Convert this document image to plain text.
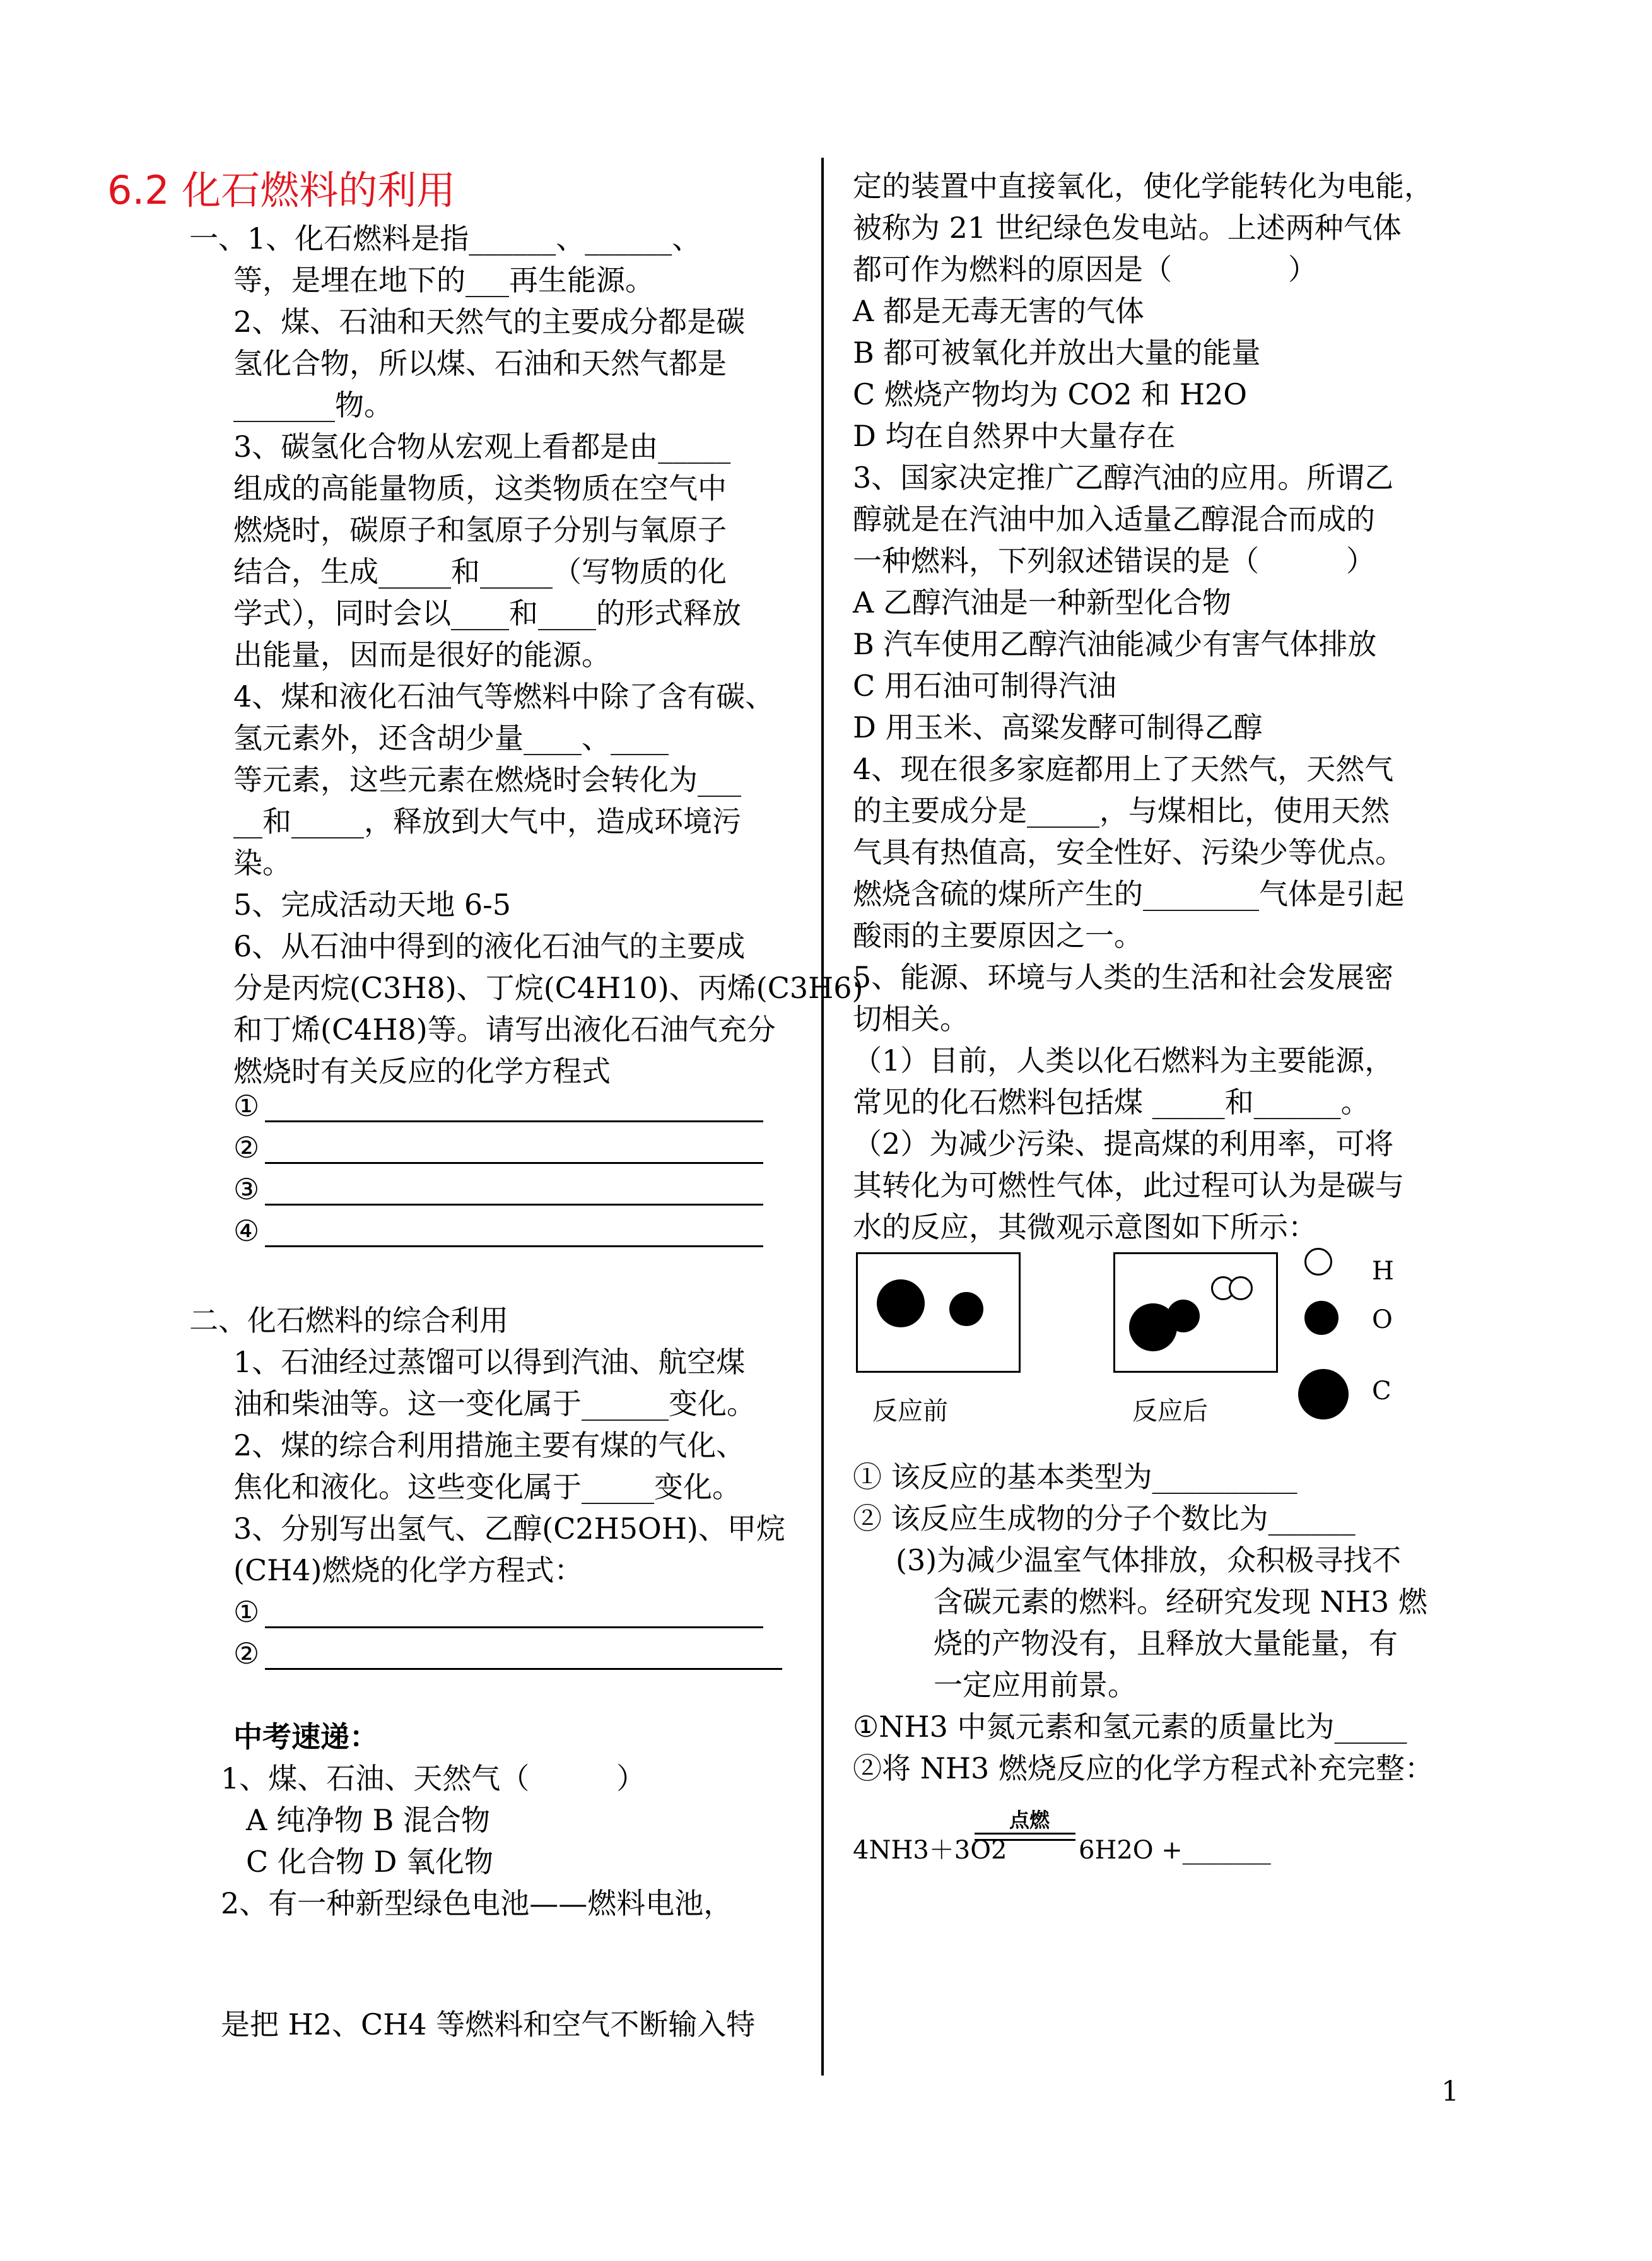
6.2 化石燃料的利用
反应前	反应后
H
O
C
4NH3＋3O2
点燃
6H2O +_______
1
一、1、化石燃料是指______、______、
等，是埋在地下的___再生能源。
2、煤、石油和天然气的主要成分都是碳
氢化合物，所以煤、石油和天然气都是
_______物。
3、碳氢化合物从宏观上看都是由_____
组成的高能量物质，这类物质在空气中
燃烧时，碳原子和氢原子分别与氧原子
结合，生成_____和_____（写物质的化
学式），同时会以____和____的形式释放
出能量，因而是很好的能源。
4、煤和液化石油气等燃料中除了含有碳、
氢元素外，还含胡少量____、____
等元素，这些元素在燃烧时会转化为___
__和_____，释放到大气中，造成环境污
染。
5、完成活动天地 6-5
6、从石油中得到的液化石油气的主要成
分是丙烷(C3H8)、丁烷(C4H10)、丙烯(C3H6)
和丁烯(C4H8)等。请写出液化石油气充分
燃烧时有关反应的化学方程式
①
②
③
④
二、化石燃料的综合利用
1、石油经过蒸馏可以得到汽油、航空煤
油和柴油等。这一变化属于______变化。
2、煤的综合利用措施主要有煤的气化、
焦化和液化。这些变化属于_____变化。
3、分别写出氢气、乙醇(C2H5OH)、甲烷
(CH4)燃烧的化学方程式：
①
②
中考速递：
1、煤、石油、天然气（　　　）
A 纯净物 B 混合物
C 化合物 D 氧化物
2、有一种新型绿色电池——燃料电池，
是把 H2、CH4 等燃料和空气不断输入特
定的装置中直接氧化，使化学能转化为电能，
被称为 21 世纪绿色发电站。上述两种气体
都可作为燃料的原因是（　　　　）
A 都是无毒无害的气体
B 都可被氧化并放出大量的能量
C 燃烧产物均为 CO2 和 H2O
D 均在自然界中大量存在
3、国家决定推广乙醇汽油的应用。所谓乙
醇就是在汽油中加入适量乙醇混合而成的
一种燃料，下列叙述错误的是（　　　）
A 乙醇汽油是一种新型化合物
B 汽车使用乙醇汽油能减少有害气体排放
C 用石油可制得汽油
D 用玉米、高粱发酵可制得乙醇
4、现在很多家庭都用上了天然气，天然气
的主要成分是_____，与煤相比，使用天然
气具有热值高，安全性好、污染少等优点。
燃烧含硫的煤所产生的________气体是引起
酸雨的主要原因之一。
5、能源、环境与人类的生活和社会发展密
切相关。
（1）目前，人类以化石燃料为主要能源，
常见的化石燃料包括煤 _____和______。
（2）为减少污染、提高煤的利用率，可将
其转化为可燃性气体，此过程可认为是碳与
水的反应，其微观示意图如下所示：
① 该反应的基本类型为__________
② 该反应生成物的分子个数比为______
(3)为减少温室气体排放，众积极寻找不
含碳元素的燃料。经研究发现 NH3 燃
烧的产物没有，且释放大量能量，有
一定应用前景。
①NH3 中氮元素和氢元素的质量比为_____
②将 NH3 燃烧反应的化学方程式补充完整：
